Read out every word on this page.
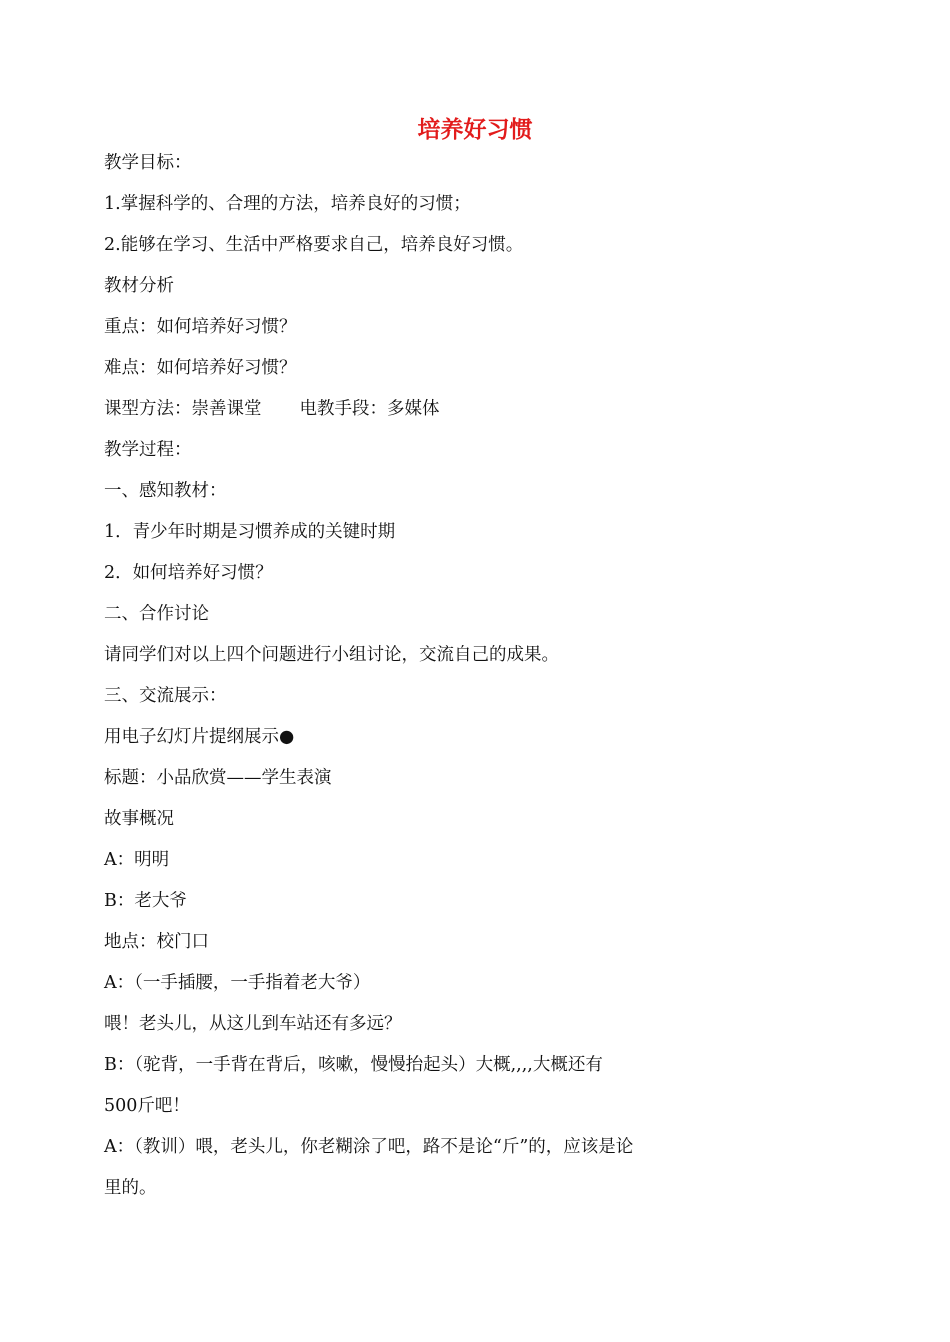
培养好习惯

教学目标：

1.掌握科学的、合理的方法，培养良好的习惯；

2.能够在学习、生活中严格要求自己，培养良好习惯。

教材分析

重点：如何培养好习惯？

难点：如何培养好习惯？

课型方法：崇善课堂 电教手段：多媒体

教学过程：

一、感知教材：

1．青少年时期是习惯养成的关键时期

2．如何培养好习惯？

二、合作讨论

请同学们对以上四个问题进行小组讨论，交流自己的成果。

三、交流展示：

用电子幻灯片提纲展示●

标题：小品欣赏——学生表演

故事概况

A：明明

B：老大爷

地点：校门口

A：（一手插腰，一手指着老大爷）

喂！老头儿，从这儿到车站还有多远？

B：（驼背，一手背在背后，咳嗽，慢慢抬起头）大概,,,,大概还有

500斤吧！

A：（教训）喂，老头儿，你老糊涂了吧，路不是论“斤”的，应该是论

里的。
